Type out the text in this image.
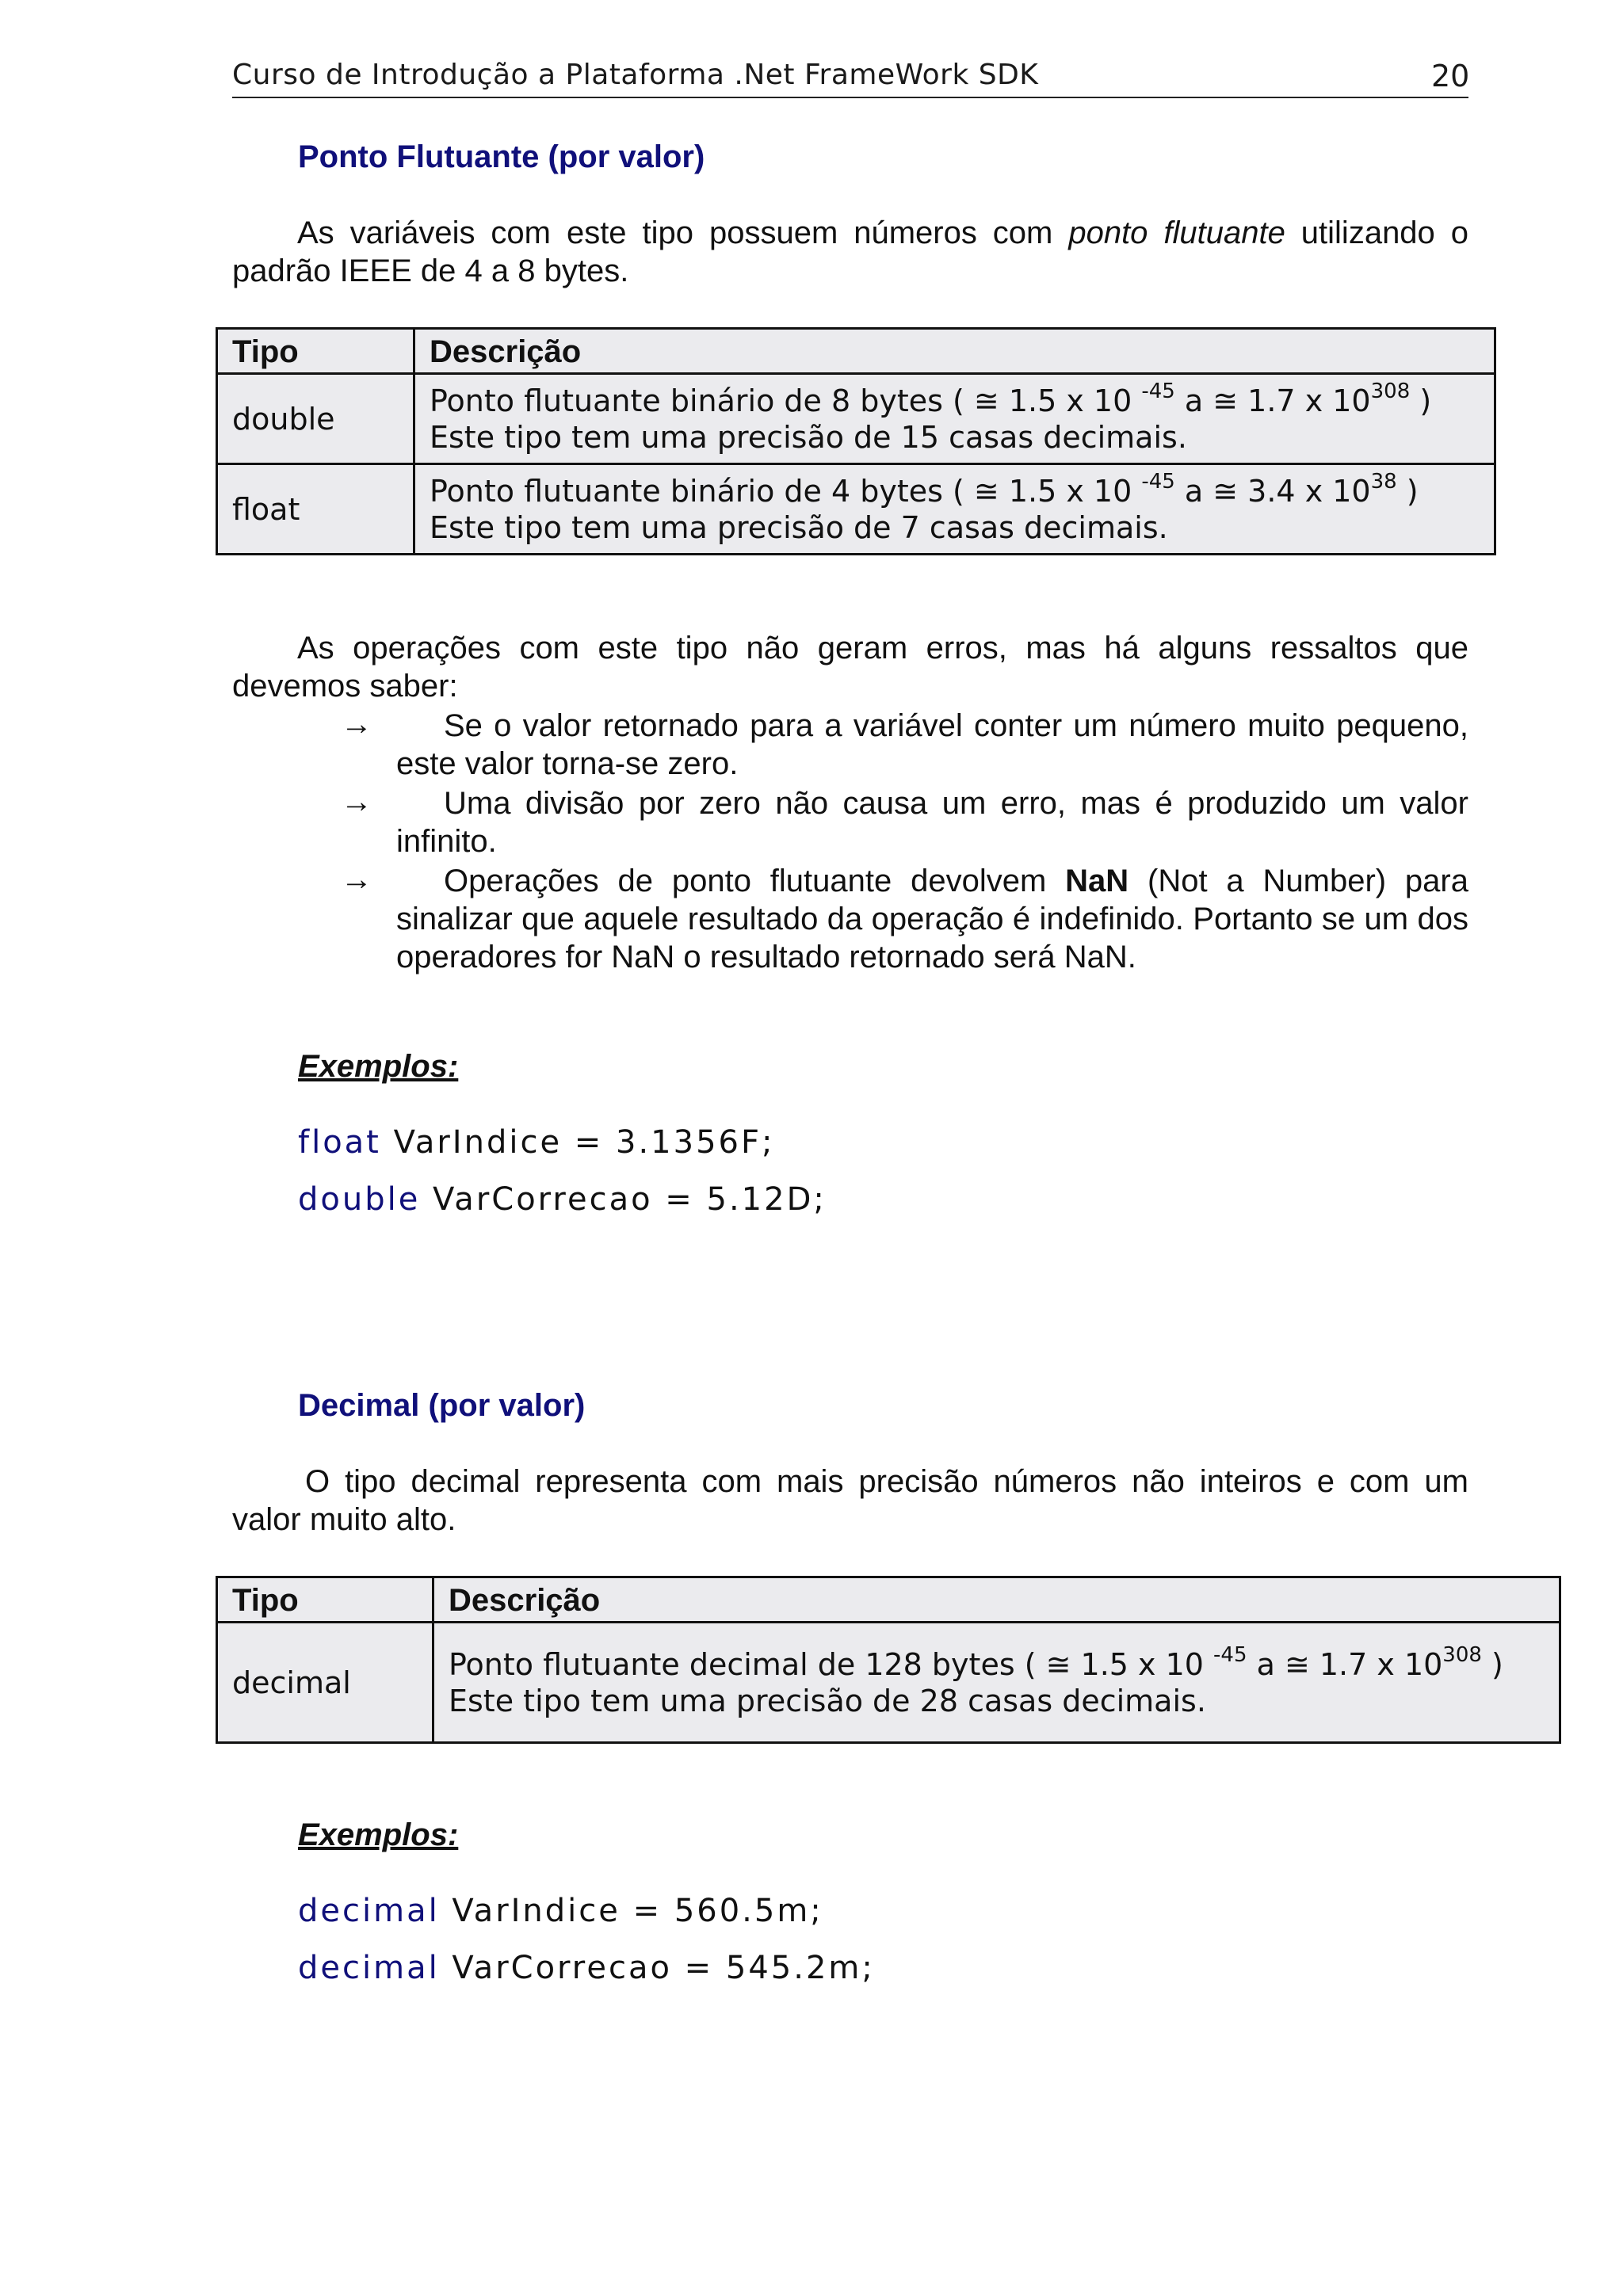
Curso de Introdução a Plataforma .Net FrameWork SDK	20
Ponto Flutuante (por valor)
As variáveis com este tipo possuem números com ponto flutuante utilizando o padrão IEEE de 4 a 8 bytes.
Tipo	Descrição
double	Ponto flutuante binário de 8 bytes ( ≅ 1.5 x 10 $^{-45}$ a ≅ 1.7 x $10^{308}$ )
Este tipo tem uma precisão de 15 casas decimais.

float	Ponto flutuante binário de 4 bytes ( ≅ 1.5 x 10 $^{-45}$ a ≅ 3.4 x $10^{38}$ )
Este tipo tem uma precisão de 7 casas decimais.
As operações com este tipo não geram erros, mas há alguns ressaltos que devemos saber:
→	Se o valor retornado para a variável conter um número muito pequeno, este valor torna-se zero.
→	Uma divisão por zero não causa um erro, mas é produzido um valor infinito.
→	Operações de ponto flutuante devolvem NaN (Not a Number) para sinalizar que aquele resultado da operação é indefinido. Portanto se um dos operadores for NaN o resultado retornado será NaN.
Exemplos:
float VarIndice = 3.1356F;
double VarCorrecao = 5.12D;
Decimal (por valor)
O tipo decimal representa com mais precisão números não inteiros e com um valor muito alto.
Tipo	Descrição
decimal	Ponto flutuante decimal de 128 bytes ( ≅ 1.5 x 10 $^{-45}$ a ≅ 1.7 x $10^{308}$ )
Este tipo tem uma precisão de 28 casas decimais.
Exemplos:
decimal VarIndice = 560.5m;
decimal VarCorrecao = 545.2m;
